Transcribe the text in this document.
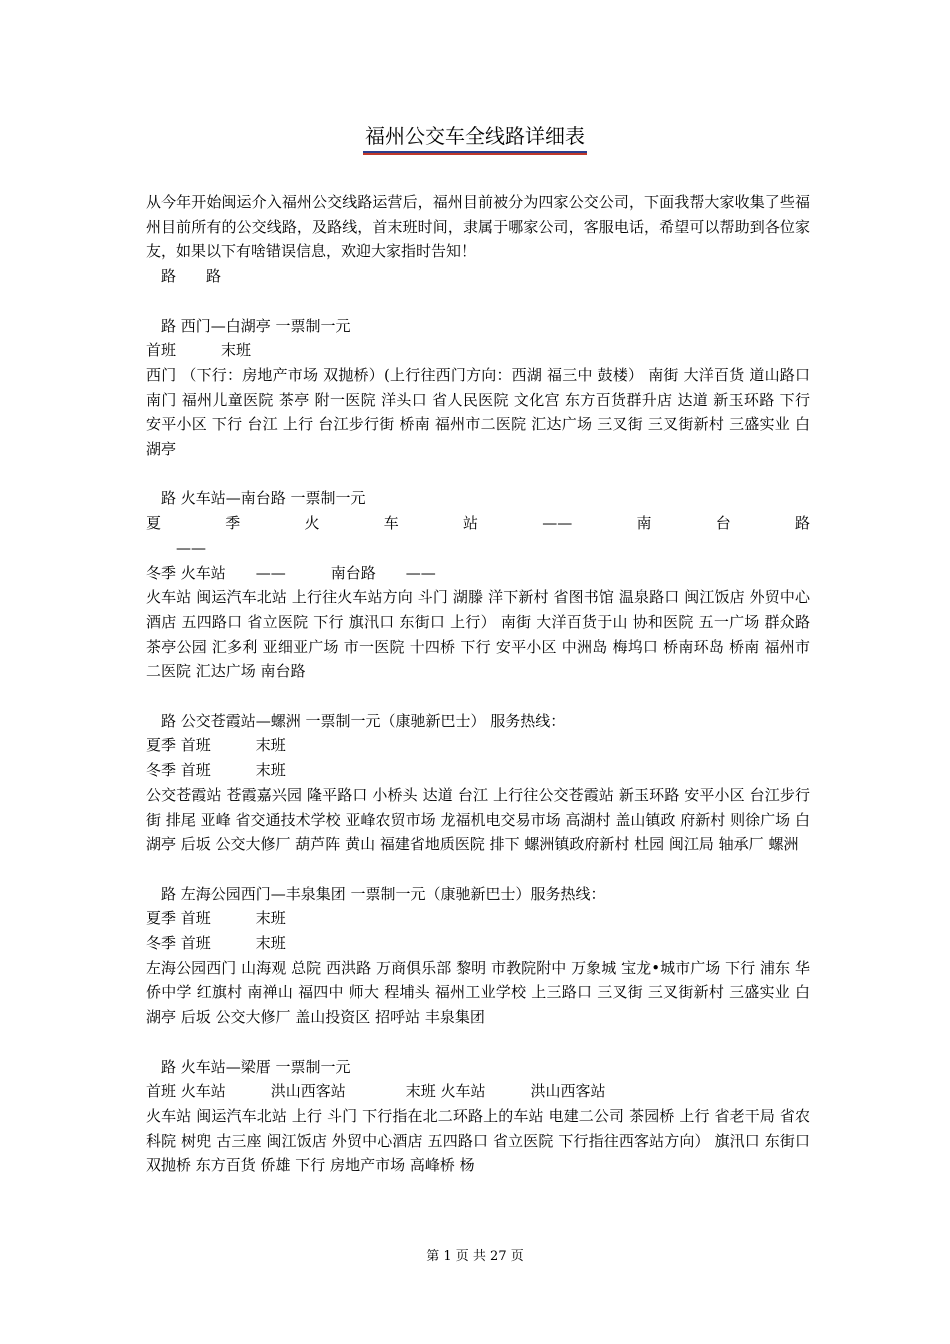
福州公交车全线路详细表

从今年开始闽运介入福州公交线路运营后，福州目前被分为四家公交公司，下面我帮大家收集了些福州目前所有的公交线路，及路线，首末班时间，隶属于哪家公司，客服电话，希望可以帮助到各位家友，如果以下有啥错误信息，欢迎大家指时告知！

路　　路

路 西门—白湖亭 一票制一元

首班　　　末班

西门 （下行：房地产市场 双抛桥）(上行往西门方向：西湖 福三中 鼓楼） 南街 大洋百货 道山路口 南门 福州儿童医院 茶亭 附一医院 洋头口 省人民医院 文化宫 东方百货群升店 达道 新玉环路 下行 安平小区 下行 台江 上行 台江步行街 桥南 福州市二医院 汇达广场 三叉街 三叉街新村 三盛实业 白湖亭

路 火车站—南台路 一票制一元

夏	季	火	车	站	——	南	台	路

——

冬季 火车站　　——　　　南台路　　——

火车站 闽运汽车北站 上行往火车站方向 斗门 湖滕 洋下新村 省图书馆 温泉路口 闽江饭店 外贸中心酒店 五四路口 省立医院 下行 旗汛口 东街口 上行） 南街 大洋百货于山 协和医院 五一广场 群众路 茶亭公园 汇多利 亚细亚广场 市一医院 十四桥 下行 安平小区 中洲岛 梅坞口 桥南环岛 桥南 福州市二医院 汇达广场 南台路

路 公交苍霞站—螺洲 一票制一元（康驰新巴士） 服务热线：

夏季 首班　　　末班

冬季 首班　　　末班

公交苍霞站 苍霞嘉兴园 隆平路口 小桥头 达道 台江 上行往公交苍霞站 新玉环路 安平小区 台江步行街 排尾 亚峰 省交通技术学校 亚峰农贸市场 龙福机电交易市场 高湖村 盖山镇政 府新村 则徐广场 白湖亭 后坂 公交大修厂 葫芦阵 黄山 福建省地质医院 排下 螺洲镇政府新村 杜园 闽江局 轴承厂 螺洲

路 左海公园西门—丰泉集团 一票制一元（康驰新巴士）服务热线：

夏季 首班　　　末班

冬季 首班　　　末班

左海公园西门 山海观 总院 西洪路 万商俱乐部 黎明 市教院附中 万象城 宝龙•城市广场 下行 浦东 华侨中学 红旗村 南禅山 福四中 师大 程埔头 福州工业学校 上三路口 三叉街 三叉街新村 三盛实业 白湖亭 后坂 公交大修厂 盖山投资区 招呼站 丰泉集团

路 火车站—梁厝 一票制一元

首班 火车站　　　洪山西客站　　　　末班 火车站　　　洪山西客站

火车站 闽运汽车北站 上行 斗门 下行指在北二环路上的车站 电建二公司 茶园桥 上行 省老干局 省农科院 树兜 古三座 闽江饭店 外贸中心酒店 五四路口 省立医院 下行指往西客站方向） 旗汛口 东街口 双抛桥 东方百货 侨雄 下行 房地产市场 高峰桥 杨

第 1 页 共 27 页
